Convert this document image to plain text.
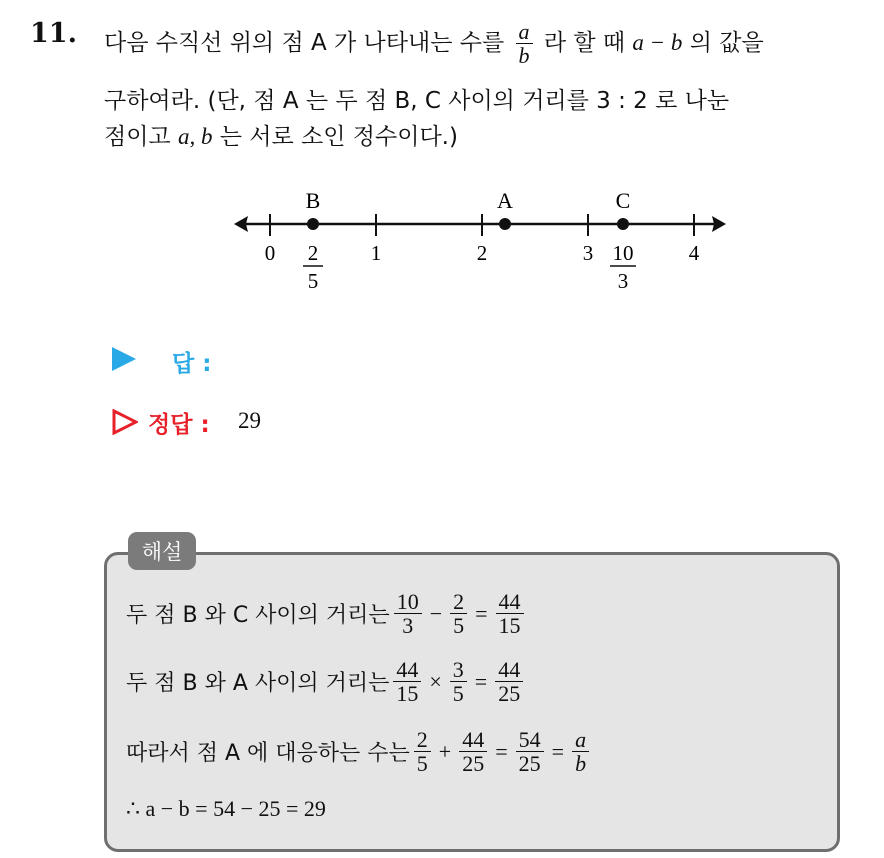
11. 다음 수직선 위의 점 A 가 나타내는 수를 $\frac{a}{b}$ 라 할 때 a − b 의 값을
구하여라. (단, 점 A 는 두 점 B, C 사이의 거리를 3 : 2 로 나눈
점이고 a, b 는 서로 소인 정수이다.)
0	1	2	3	4
B	A	C
2
5
10
3
답 :
정답 : 29
해설
두 점 B 와 C 사이의 거리는 $\frac{10}{3} - \frac{2}{5} = \frac{44}{15}$
두 점 B 와 A 사이의 거리는 $\frac{44}{15} \times \frac{3}{5} = \frac{44}{25}$
따라서 점 A 에 대응하는 수는 $\frac{2}{5} + \frac{44}{25} = \frac{54}{25} = \frac{a}{b}$
∴ a − b = 54 − 25 = 29
